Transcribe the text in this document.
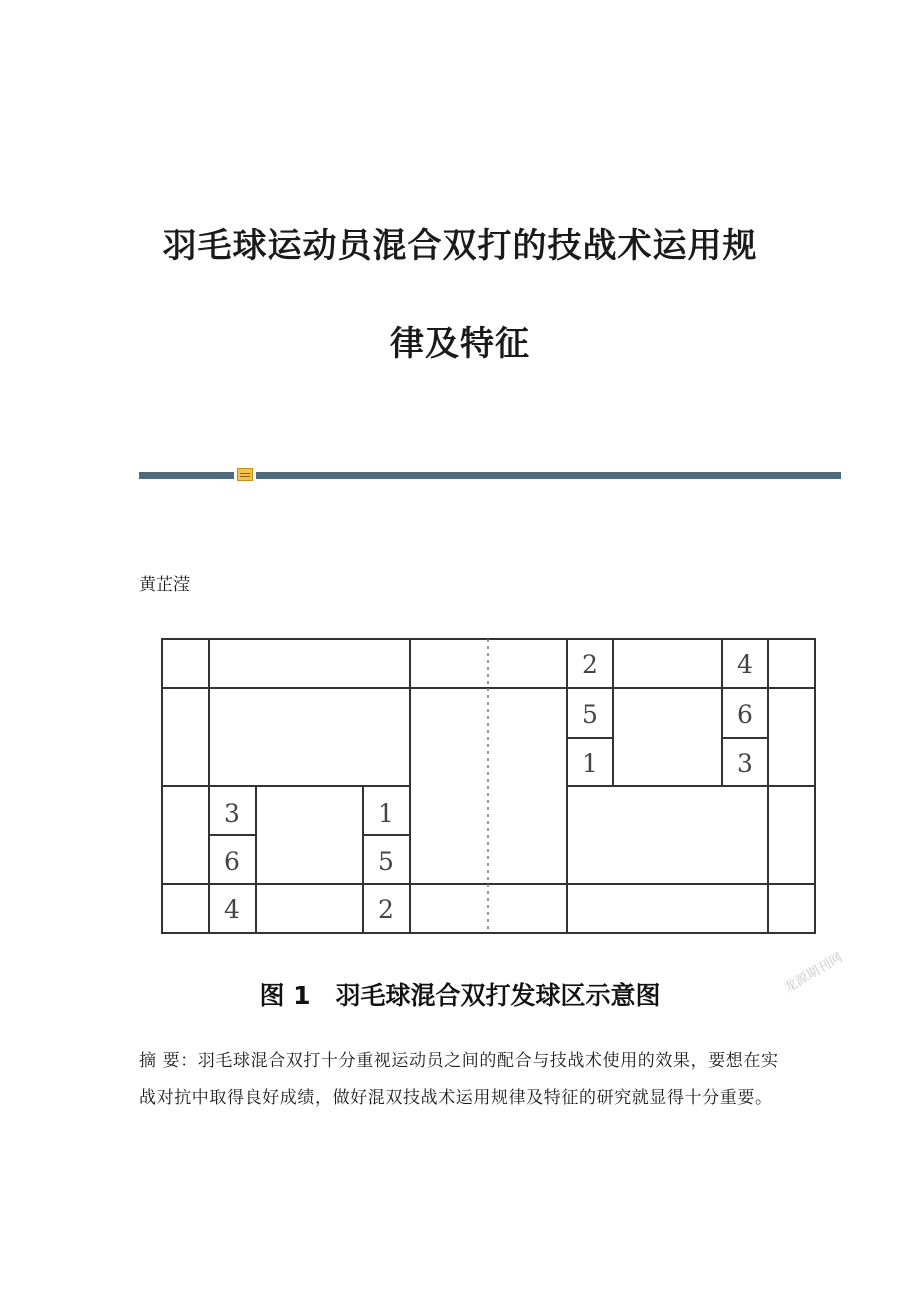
羽毛球运动员混合双打的技战术运用规
律及特征
黄芷滢
2	4
5	6
1	3
3	1
6	5
4	2
图 1　羽毛球混合双打发球区示意图	龙源期刊网
摘 要：羽毛球混合双打十分重视运动员之间的配合与技战术使用的效果，要想在实战对抗中取得良好成绩，做好混双技战术运用规律及特征的研究就显得十分重要。
